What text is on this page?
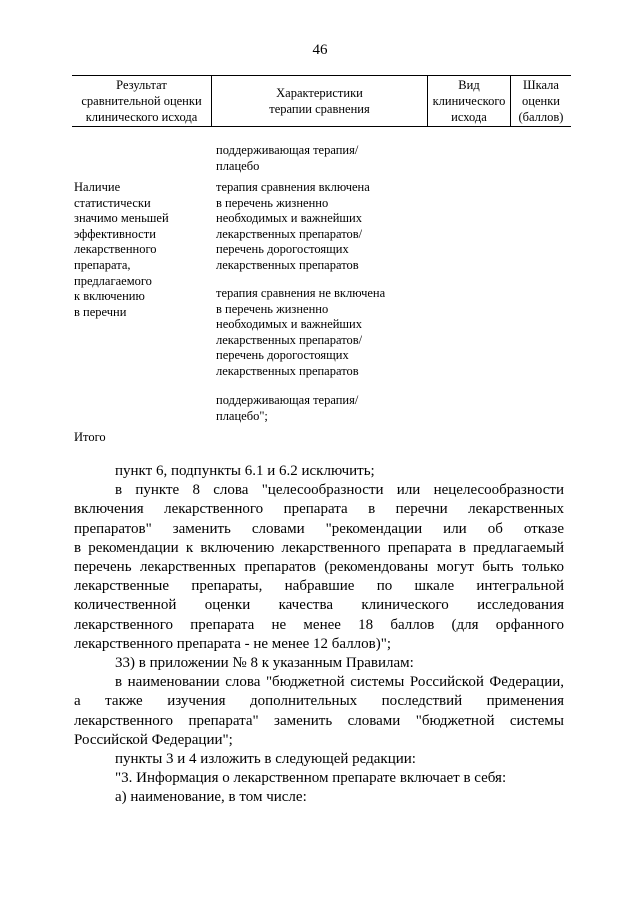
46
Результат
сравнительной оценки
клинического исхода
Характеристики
терапии сравнения
Вид
клинического
исхода
Шкала
оценки
(баллов)
поддерживающая терапия/
плацебо
Наличие
статистически
значимо меньшей
эффективности
лекарственного
препарата,
предлагаемого
к включению
в перечни
терапия сравнения включена
в перечень жизненно
необходимых и важнейших
лекарственных препаратов/
перечень дорогостоящих
лекарственных препаратов
терапия сравнения не включена
в перечень жизненно
необходимых и важнейших
лекарственных препаратов/
перечень дорогостоящих
лекарственных препаратов
поддерживающая терапия/
плацебо";
Итого
пункт 6, подпункты 6.1 и 6.2 исключить;
в пункте 8 слова "целесообразности или нецелесообразности
включения лекарственного препарата в перечни лекарственных
препаратов" заменить словами "рекомендации или об отказе
в рекомендации к включению лекарственного препарата в предлагаемый
перечень лекарственных препаратов (рекомендованы могут быть только
лекарственные препараты, набравшие по шкале интегральной
количественной оценки качества клинического исследования
лекарственного препарата не менее 18 баллов (для орфанного
лекарственного препарата - не менее 12 баллов)";
33) в приложении № 8 к указанным Правилам:
в наименовании слова "бюджетной системы Российской Федерации,
а также изучения дополнительных последствий применения
лекарственного препарата" заменить словами "бюджетной системы
Российской Федерации";
пункты 3 и 4 изложить в следующей редакции:
"3. Информация о лекарственном препарате включает в себя:
а) наименование, в том числе:
